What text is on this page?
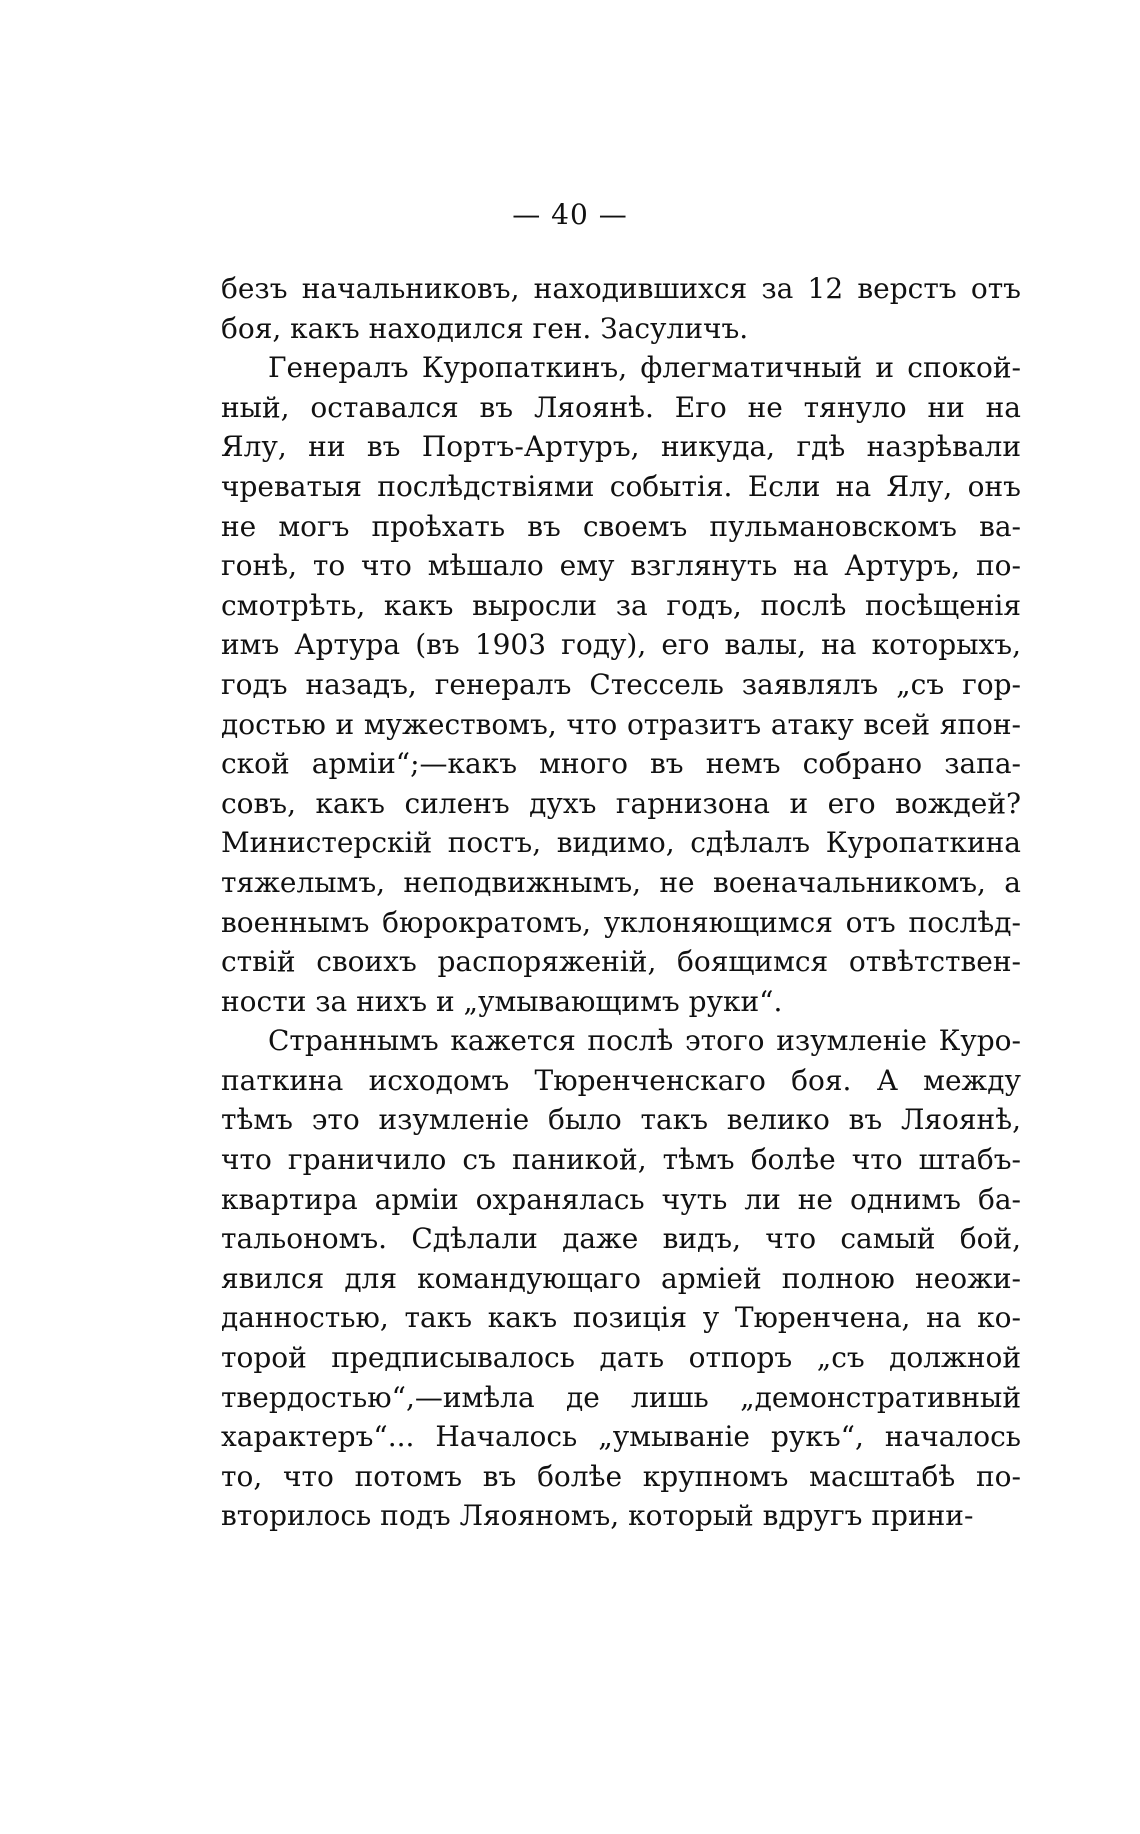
— 40 —
безъ начальниковъ, находившихся за 12 верстъ отъ
боя, какъ находился ген. Засуличъ.
Генералъ Куропаткинъ, флегматичный и спокой-
ный, оставался въ Ляоянѣ. Его не тянуло ни на
Ялу, ни въ Портъ-Артуръ, никуда, гдѣ назрѣвали
чреватыя послѣдствіями событія. Если на Ялу, онъ
не могъ проѣхать въ своемъ пульмановскомъ ва-
гонѣ, то что мѣшало ему взглянуть на Артуръ, по-
смотрѣть, какъ выросли за годъ, послѣ посѣщенія
имъ Артура (въ 1903 году), его валы, на которыхъ,
годъ назадъ, генералъ Стессель заявлялъ „съ гор-
достью и мужествомъ, что отразитъ атаку всей япон-
ской арміи“;—какъ много въ немъ собрано запа-
совъ, какъ силенъ духъ гарнизона и его вождей?
Министерскій постъ, видимо, сдѣлалъ Куропаткина
тяжелымъ, неподвижнымъ, не военачальникомъ, а
военнымъ бюрократомъ, уклоняющимся отъ послѣд-
ствій своихъ распоряженій, боящимся отвѣтствен-
ности за нихъ и „умывающимъ руки“.
Страннымъ кажется послѣ этого изумленіе Куро-
паткина исходомъ Тюренченскаго боя. А между
тѣмъ это изумленіе было такъ велико въ Ляоянѣ,
что граничило съ паникой, тѣмъ болѣе что штабъ-
квартира арміи охранялась чуть ли не однимъ ба-
тальономъ. Сдѣлали даже видъ, что самый бой,
явился для командующаго арміей полною неожи-
данностью, такъ какъ позиція у Тюренчена, на ко-
торой предписывалось дать отпоръ „съ должной
твердостью“,—имѣла де лишь „демонстративный
характеръ“... Началось „умываніе рукъ“, началось
то, что потомъ въ болѣе крупномъ масштабѣ по-
вторилось подъ Ляояномъ, который вдругъ прини-
